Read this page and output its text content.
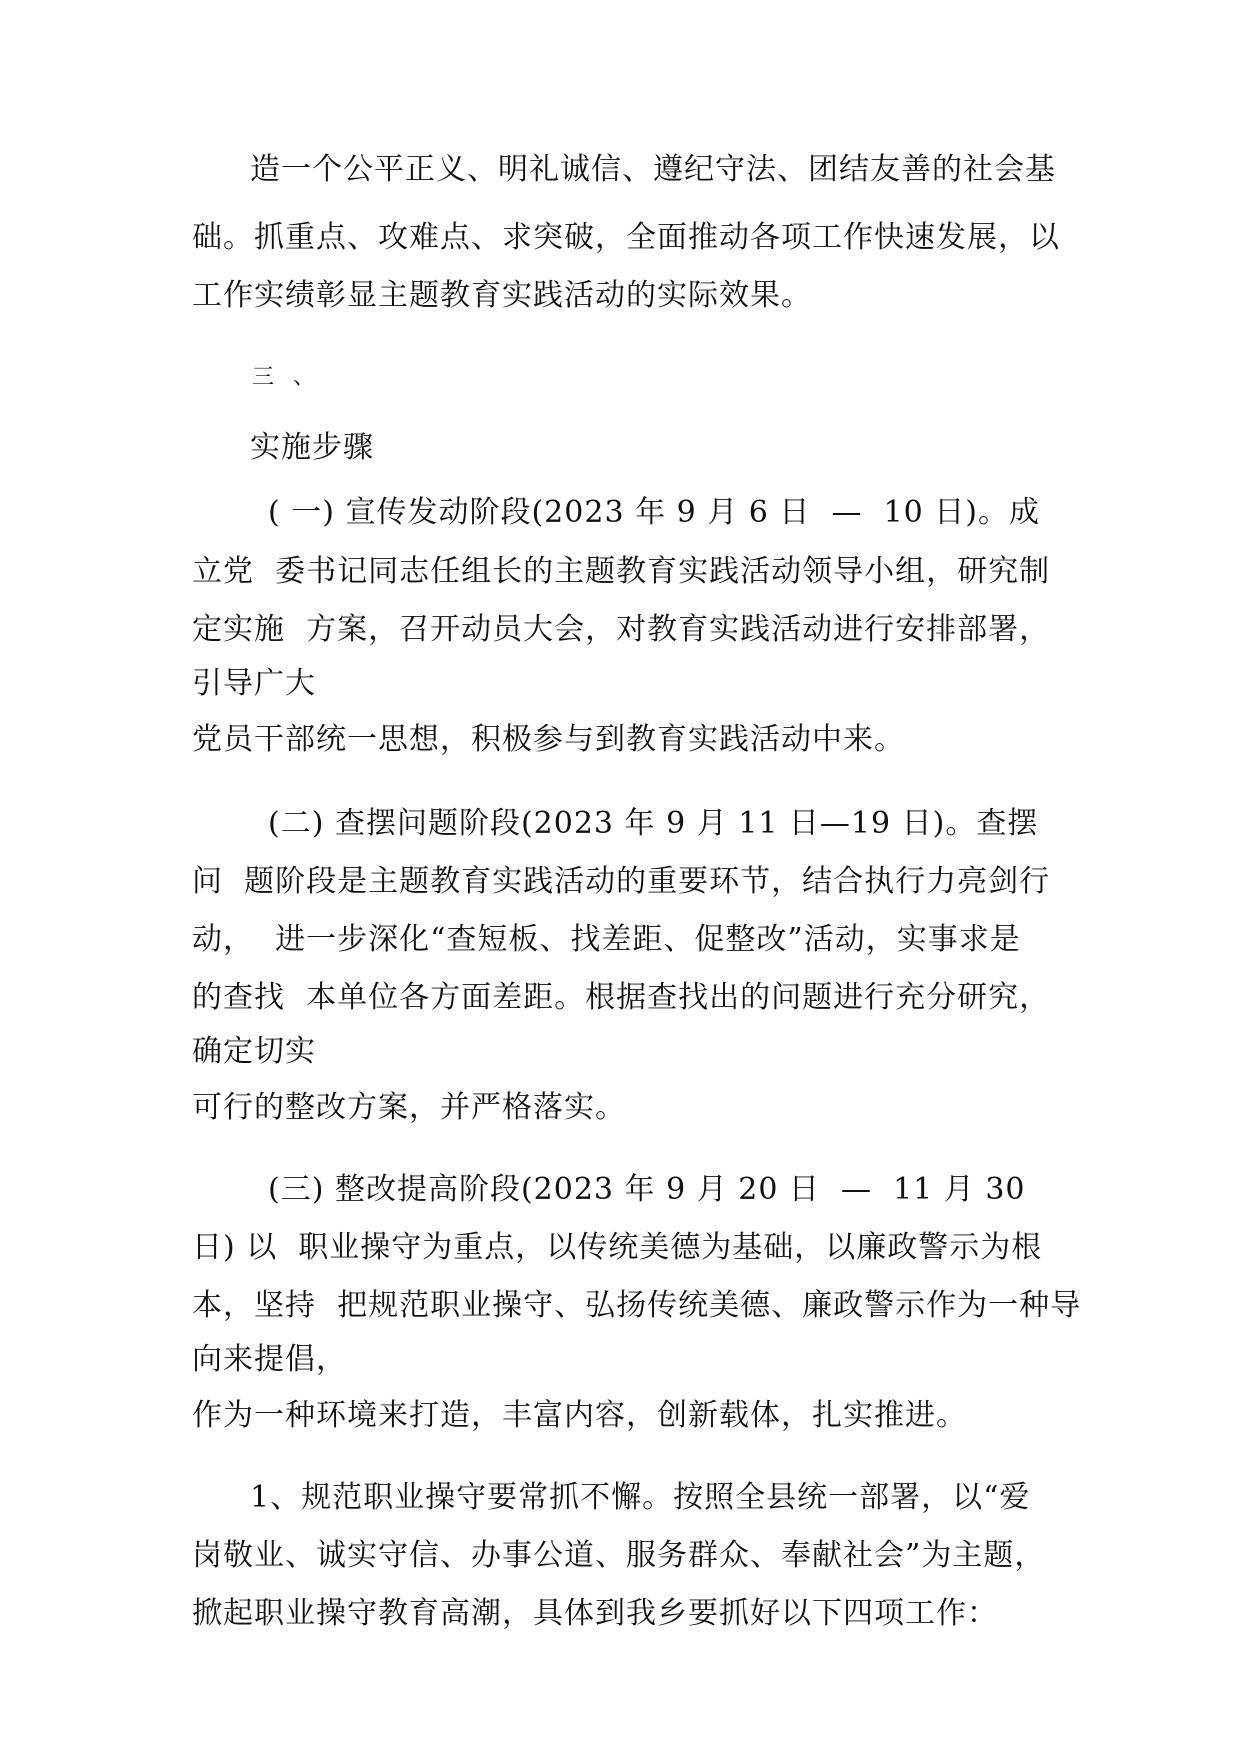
造一个公平正义、明礼诚信、遵纪守法、团结友善的社会基
础。抓重点、攻难点、求突破，全面推动各项工作快速发展，以
工作实绩彰显主题教育实践活动的实际效果。
三 、
实施步骤
( 一) 宣传发动阶段(2023 年 9 月 6 日  —  10 日)。成
立党  委书记同志任组长的主题教育实践活动领导小组，研究制
定实施  方案，召开动员大会，对教育实践活动进行安排部署，
引导广大
党员干部统一思想，积极参与到教育实践活动中来。
(二) 查摆问题阶段(2023 年 9 月 11 日—19 日)。查摆
问  题阶段是主题教育实践活动的重要环节，结合执行力亮剑行
动，  进一步深化“查短板、找差距、促整改”活动，实事求是
的查找  本单位各方面差距。根据查找出的问题进行充分研究，
确定切实
可行的整改方案，并严格落实。
(三) 整改提高阶段(2023 年 9 月 20 日  —  11 月 30
日) 以  职业操守为重点，以传统美德为基础，以廉政警示为根
本，坚持  把规范职业操守、弘扬传统美德、廉政警示作为一种导
向来提倡，
作为一种环境来打造，丰富内容，创新载体，扎实推进。
1、规范职业操守要常抓不懈。按照全县统一部署，以“爱
岗敬业、诚实守信、办事公道、服务群众、奉献社会”为主题，
掀起职业操守教育高潮，具体到我乡要抓好以下四项工作：
